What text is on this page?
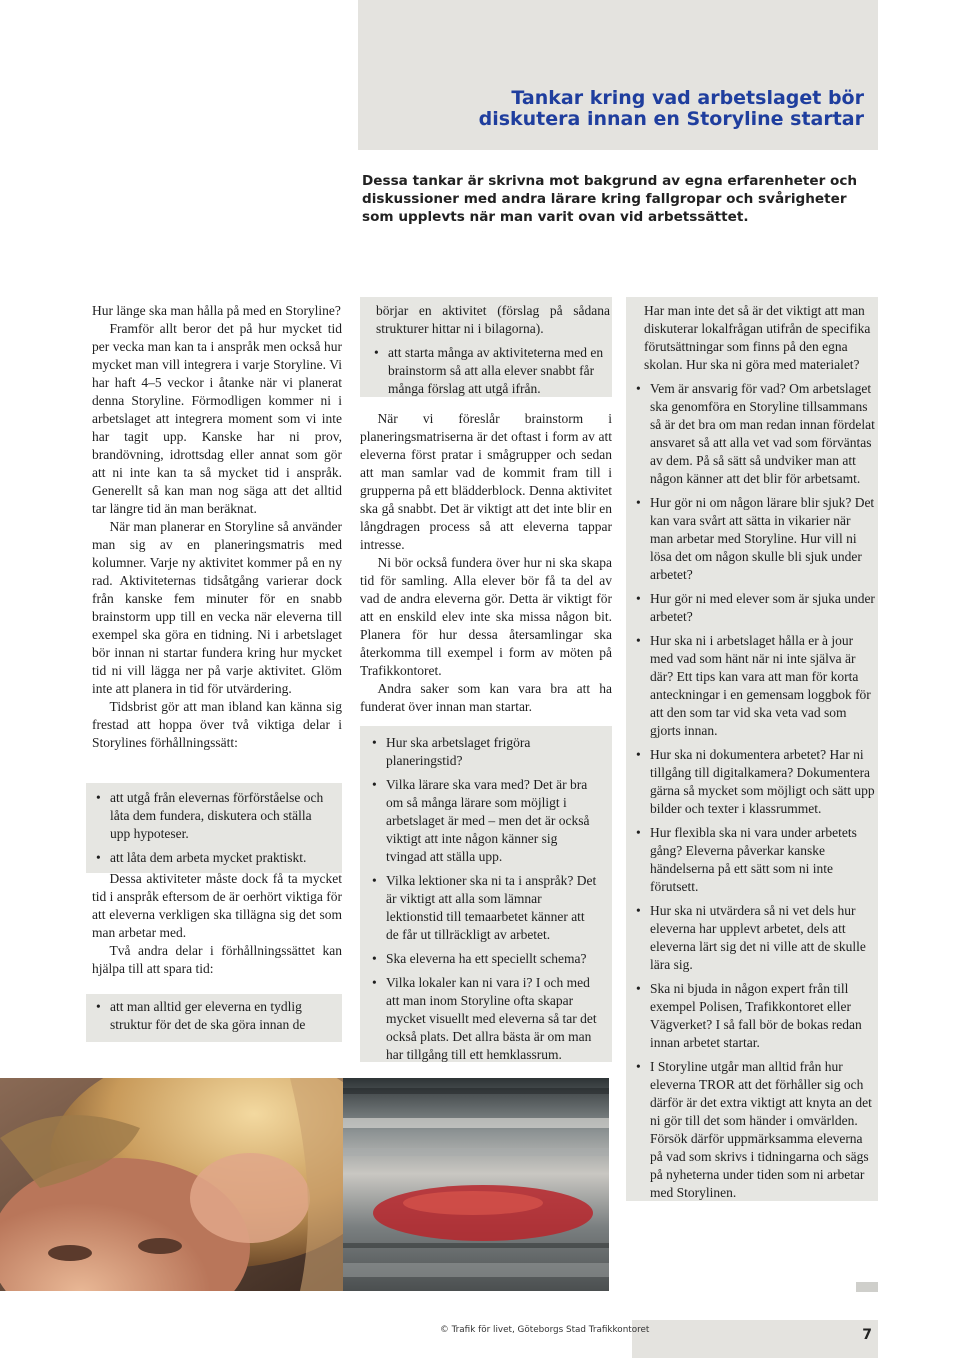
Tankar kring vad arbetslaget bör
diskutera innan en Storyline startar
Dessa tankar är skrivna mot bakgrund av egna erfarenheter och diskussioner med andra lärare kring fallgropar och svårigheter som upplevts när man varit ovan vid arbetssättet.

Hur länge ska man hålla på med en Storyline?

Framför allt beror det på hur mycket tid per vecka man kan ta i anspråk men också hur mycket man vill integrera i varje Storyline. Vi har haft 4–5 veckor i åtanke när vi planerat denna Storyline. Förmodligen kommer ni i arbetslaget att integrera moment som vi inte har tagit upp. Kanske har ni prov, brandövning, idrottsdag eller annat som gör att ni inte kan ta så mycket tid i anspråk. Generellt så kan man nog säga att det alltid tar längre tid än man beräknat.

När man planerar en Storyline så använder man sig av en planeringsmatris med kolumner. Varje ny aktivitet kommer på en ny rad. Aktiviteternas tidsåtgång varierar dock från kanske fem minuter för en snabb brainstorm upp till en vecka när eleverna till exempel ska göra en tidning. Ni i arbetslaget bör innan ni startar fundera kring hur mycket tid ni vill lägga ner på varje aktivitet. Glöm inte att planera in tid för utvärdering.

Tidsbrist gör att man ibland kan känna sig frestad att hoppa över två viktiga delar i Storylines förhållningssätt:

• att utgå från elevernas förförståelse och låta dem fundera, diskutera och ställa upp hypoteser.
• att låta dem arbeta mycket praktiskt.

Dessa aktiviteter måste dock få ta mycket tid i anspråk eftersom de är oerhört viktiga för att eleverna verkligen ska tillägna sig det som man arbetar med.

Två andra delar i förhållningssättet kan hjälpa till att spara tid:

• att man alltid ger eleverna en tydlig struktur för det de ska göra innan de

börjar en aktivitet (förslag på sådana strukturer hittar ni i bilagorna).

• att starta många av aktiviteterna med en brainstorm så att alla elever snabbt får många förslag att utgå ifrån.

När vi föreslår brainstorm i planeringsmatriserna är det oftast i form av att eleverna först pratar i smågrupper och sedan att man samlar vad de kommit fram till i grupperna på ett blädderblock. Denna aktivitet ska gå snabbt. Det är viktigt att det inte blir en långdragen process så att eleverna tappar intresse.

Ni bör också fundera över hur ni ska skapa tid för samling. Alla elever bör få ta del av vad de andra eleverna gör. Detta är viktigt för att en enskild elev inte ska missa någon bit. Planera för hur dessa återsamlingar ska återkomma till exempel i form av möten på Trafikkontoret.

Andra saker som kan vara bra att ha funderat över innan man startar.

• Hur ska arbetslaget frigöra planeringstid?
• Vilka lärare ska vara med? Det är bra om så många lärare som möjligt i arbetslaget är med – men det är också viktigt att inte någon känner sig tvingad att ställa upp.
• Vilka lektioner ska ni ta i anspråk? Det är viktigt att alla som lämnar lektionstid till temaarbetet känner att de får ut tillräckligt av arbetet.
• Ska eleverna ha ett speciellt schema?
• Vilka lokaler kan ni vara i? I och med att man inom Storyline ofta skapar mycket visuellt med eleverna så tar det också plats. Det allra bästa är om man har tillgång till ett hemklassrum.

Har man inte det så är det viktigt att man diskuterar lokalfrågan utifrån de specifika förutsättningar som finns på den egna skolan. Hur ska ni göra med materialet?

• Vem är ansvarig för vad? Om arbetslaget ska genomföra en Storyline tillsammans så är det bra om man redan innan fördelat ansvaret så att alla vet vad som förväntas av dem. På så sätt så undviker man att någon känner att det blir för arbetsamt.
• Hur gör ni om någon lärare blir sjuk? Det kan vara svårt att sätta in vikarier när man arbetar med Storyline. Hur vill ni lösa det om någon skulle bli sjuk under arbetet?
• Hur gör ni med elever som är sjuka under arbetet?
• Hur ska ni i arbetslaget hålla er à jour med vad som hänt när ni inte själva är där? Ett tips kan vara att man för korta anteckningar i en gemensam loggbok för att den som tar vid ska veta vad som gjorts innan.
• Hur ska ni dokumentera arbetet? Har ni tillgång till digitalkamera? Dokumentera gärna så mycket som möjligt och sätt upp bilder och texter i klassrummet.
• Hur flexibla ska ni vara under arbetets gång? Eleverna påverkar kanske händelserna på ett sätt som ni inte förutsett.
• Hur ska ni utvärdera så ni vet dels hur eleverna har upplevt arbetet, dels att eleverna lärt sig det ni ville att de skulle lära sig.
• Ska ni bjuda in någon expert från till exempel Polisen, Trafikkontoret eller Vägverket? I så fall bör de bokas redan innan arbetet startar.
• I Storyline utgår man alltid från hur eleverna TROR att det förhåller sig och därför är det extra viktigt att knyta an det ni gör till det som händer i omvärlden. Försök därför uppmärksamma eleverna på vad som skrivs i tidningarna och sägs på nyheterna under tiden som ni arbetar med Storylinen.
© Trafik för livet, Göteborgs Stad Trafikkontoret	7
